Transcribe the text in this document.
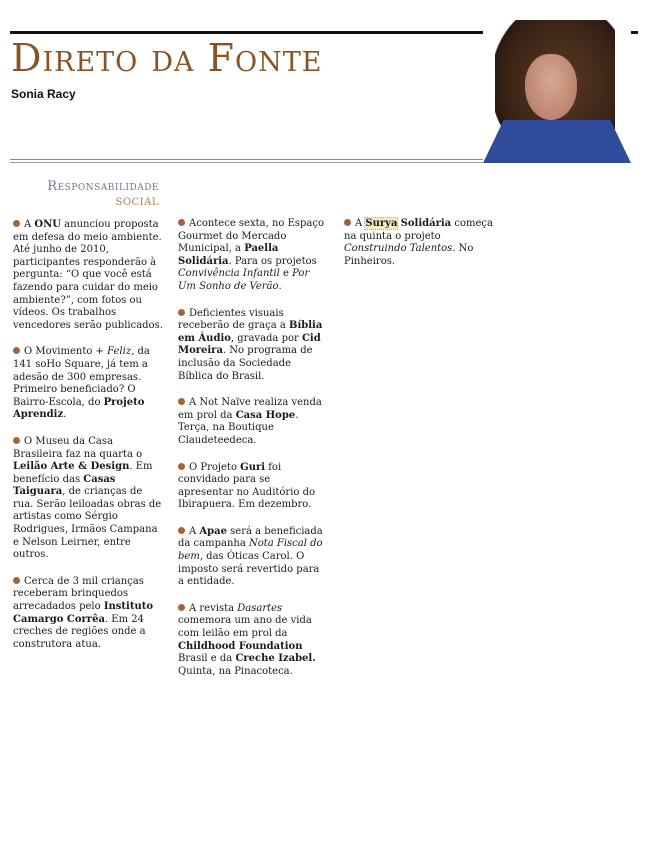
Direto da Fonte
Sonia Racy
Responsabilidade
social

A ONU anunciou proposta em defesa do meio ambiente. Até junho de 2010, participantes responderão à pergunta: “O que você está fazendo para cuidar do meio ambiente?”, com fotos ou vídeos. Os trabalhos vencedores serão publicados.

O Movimento + Feliz, da 141 soHo Square, já tem a adesão de 300 empresas. Primeiro beneficiado? O Bairro-Escola, do Projeto Aprendiz.

O Museu da Casa Brasileira faz na quarta o Leilão Arte & Design. Em benefício das Casas Taiguara, de crianças de rua. Serão leiloadas obras de artistas como Sérgio Rodrigues, Irmãos Campana e Nelson Leirner, entre outros.

Cerca de 3 mil crianças receberam brinquedos arrecadados pelo Instituto Camargo Corrêa. Em 24 creches de regiões onde a construtora atua.

Acontece sexta, no Espaço Gourmet do Mercado Municipal, a Paella Solidária. Para os projetos Convivência Infantil e Por Um Sonho de Verão.

Deficientes visuais receberão de graça a Bíblia em Áudio, gravada por Cid Moreira. No programa de inclusão da Sociedade Bíblica do Brasil.

A Not Naïve realiza venda em prol da Casa Hope. Terça, na Boutique Claudeteedeca.

O Projeto Guri foi convidado para se apresentar no Auditório do Ibirapuera. Em dezembro.

A Apae será a beneficiada da campanha Nota Fiscal do bem, das Óticas Carol. O imposto será revertido para a entidade.

A revista Dasartes comemora um ano de vida com leilão em prol da Childhood Foundation Brasil e da Creche Izabel. Quinta, na Pinacoteca.

A Surya Solidária começa na quinta o projeto Construindo Talentos. No Pinheiros.
